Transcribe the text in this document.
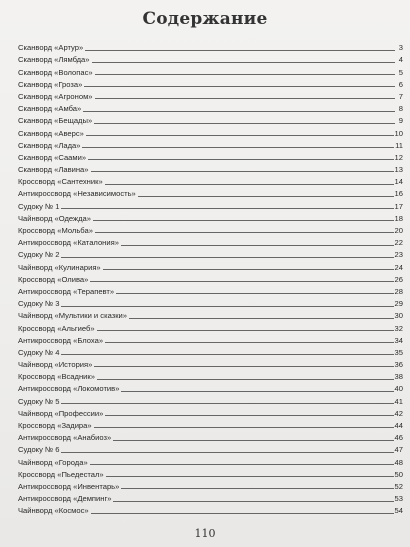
Содержание
Сканворд «Артур»	3
Сканворд «Лямбда»	4
Сканворд «Волопас»	5
Сканворд «Гроза»	6
Сканворд «Агроном»	7
Сканворд «Амба»	8
Сканворд «Бещады»	9
Сканворд «Аверс»	10
Сканворд «Лада»	11
Сканворд «Саами»	12
Сканворд «Лавина»	13
Кроссворд «Сантехник»	14
Антикроссворд «Независимость»	16
Судоку № 1	17
Чайнворд «Одежда»	18
Кроссворд «Мольба»	20
Антикроссворд «Каталония»	22
Судоку № 2	23
Чайнворд «Кулинария»	24
Кроссворд «Олива»	26
Антикроссворд «Терапевт»	28
Судоку № 3	29
Чайнворд «Мультики и сказки»	30
Кроссворд «Альгиеб»	32
Антикроссворд «Блоха»	34
Судоку № 4	35
Чайнворд «История»	36
Кроссворд «Всадник»	38
Антикроссворд «Локомотив»	40
Судоку № 5	41
Чайнворд «Профессии»	42
Кроссворд «Задира»	44
Антикроссворд «Анабиоз»	46
Судоку № 6	47
Чайнворд «Города»	48
Кроссворд «Пьедестал»	50
Антикроссворд «Инвентарь»	52
Антикроссворд «Демпинг»	53
Чайнворд «Космос»	54
110
